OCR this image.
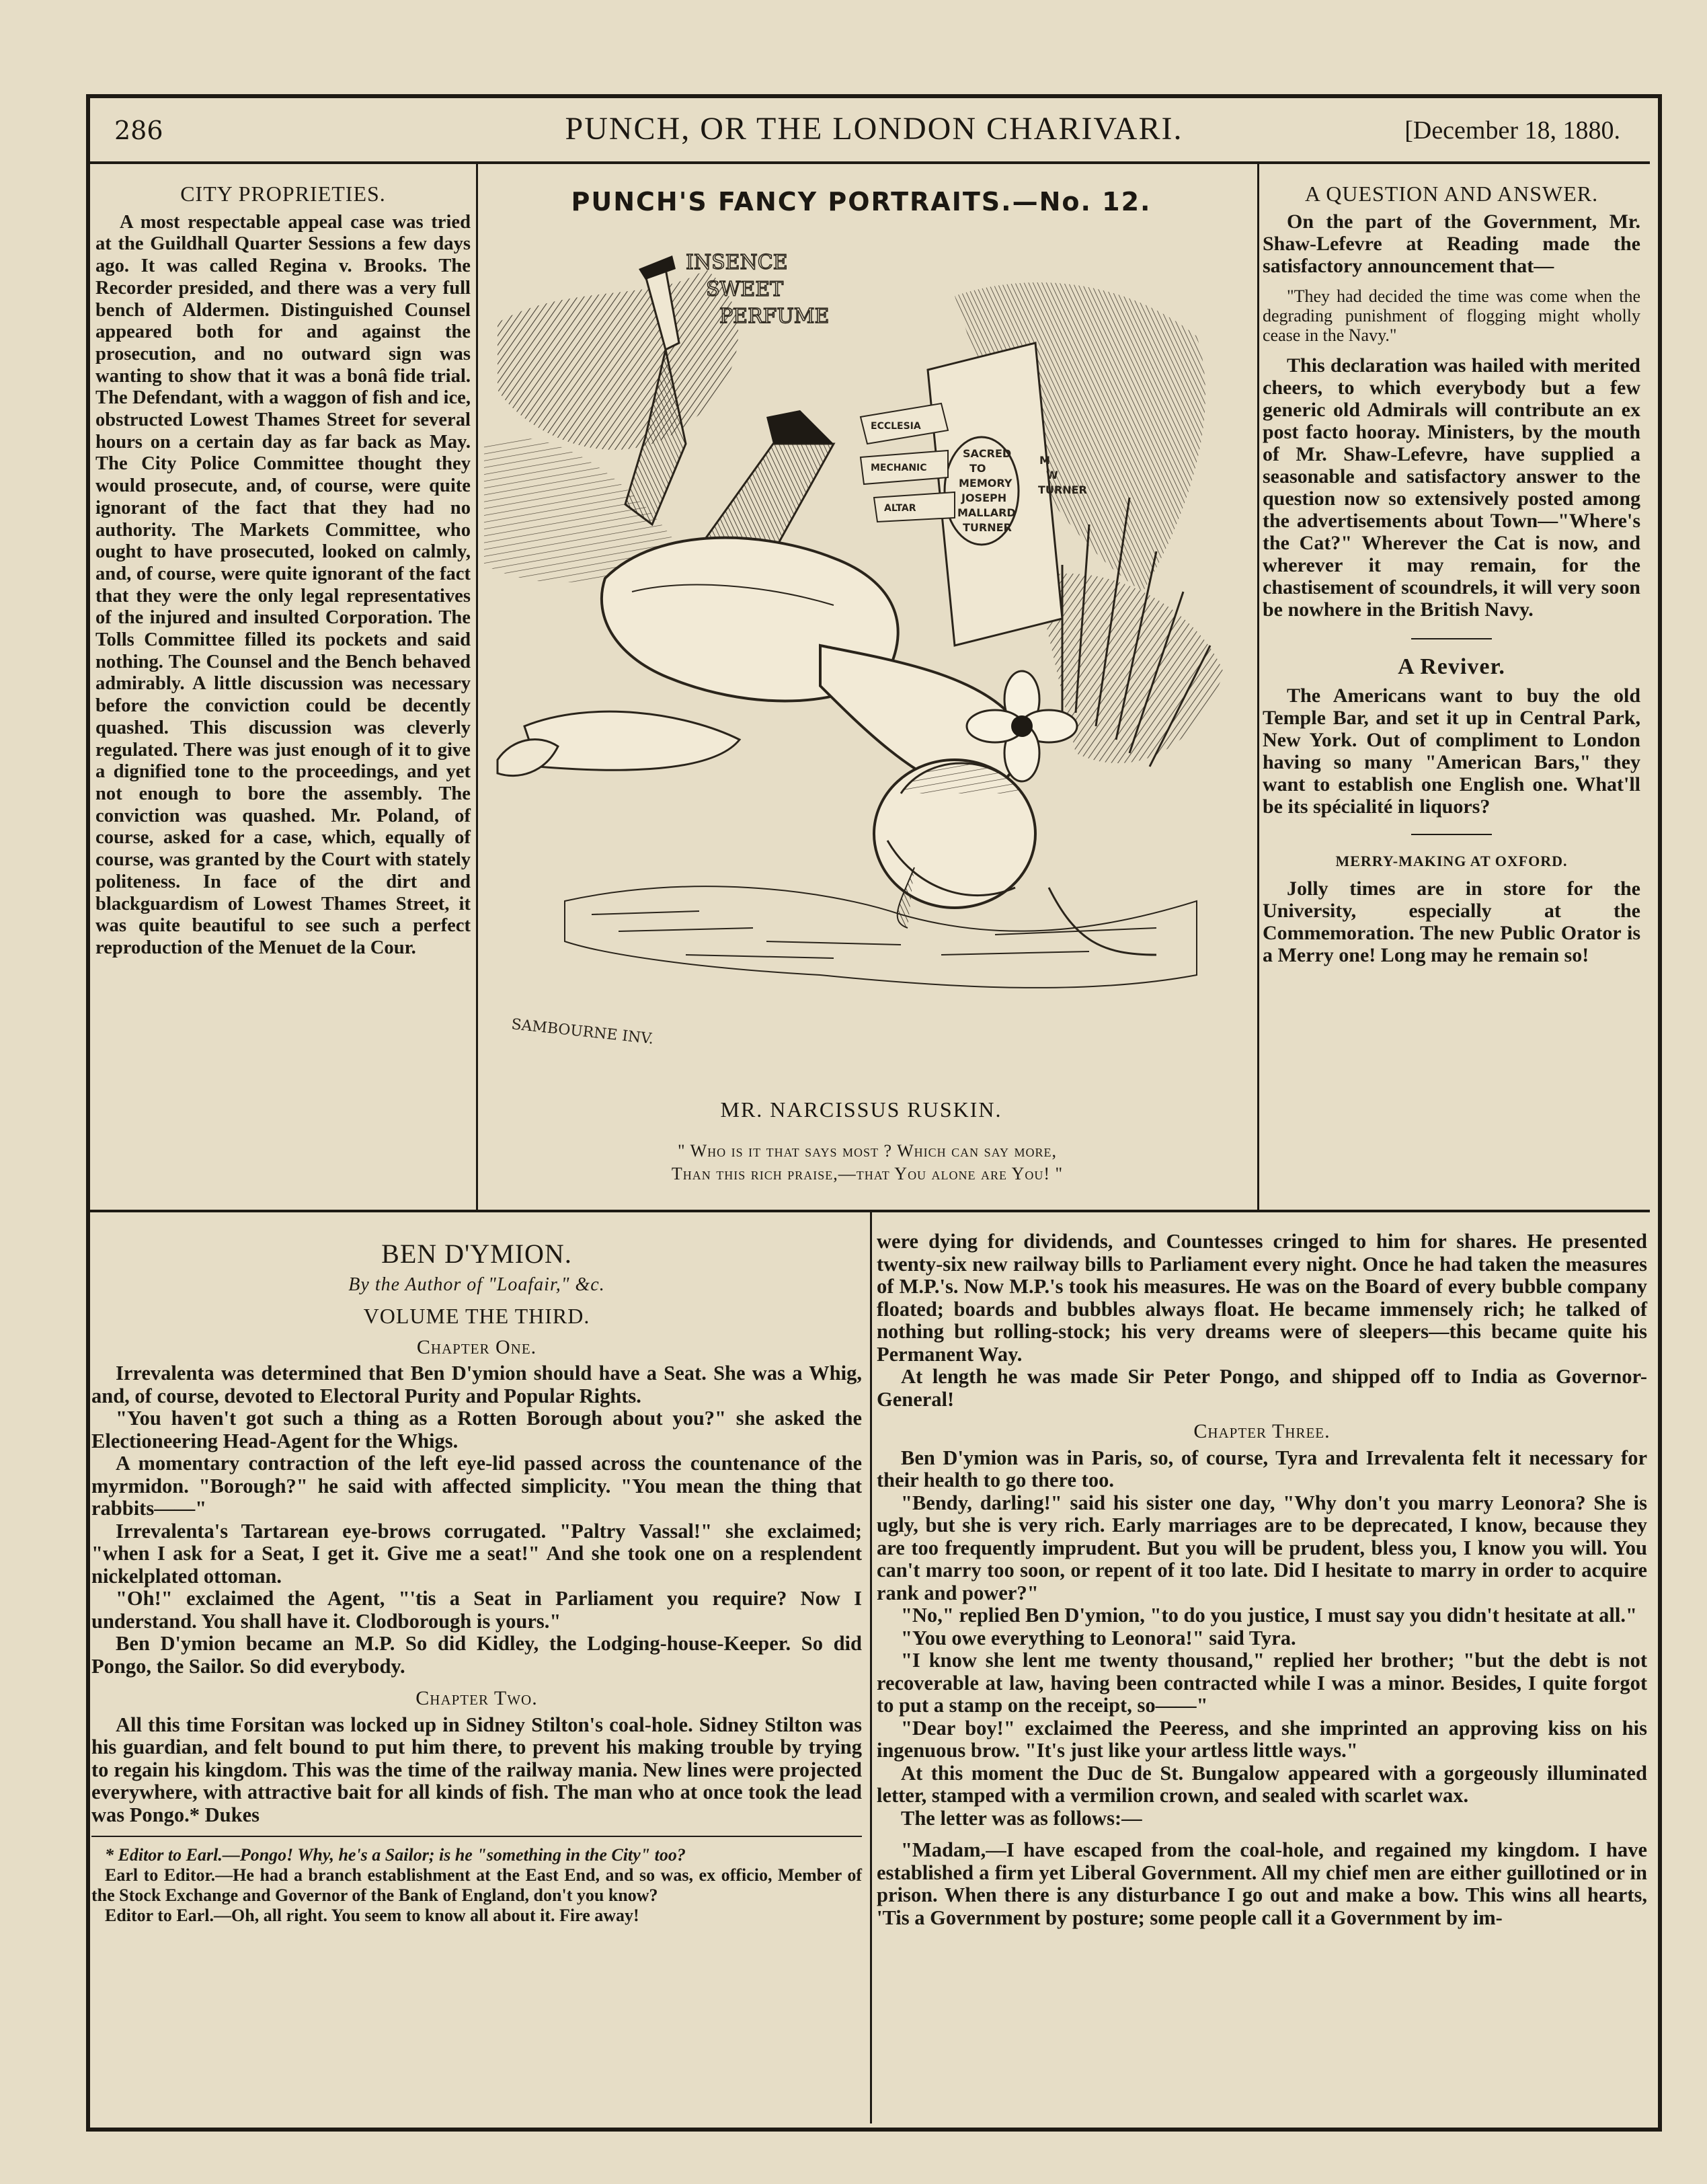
286	PUNCH, OR THE LONDON CHARIVARI.	[December 18, 1880.
CITY PROPRIETIES.

A most respectable appeal case was tried at the Guildhall Quarter Sessions a few days ago. It was called Regina v. Brooks. The Recorder presided, and there was a very full bench of Aldermen. Distinguished Counsel appeared both for and against the prosecution, and no outward sign was wanting to show that it was a bonâ fide trial. The Defendant, with a waggon of fish and ice, obstructed Lowest Thames Street for several hours on a certain day as far back as May. The City Police Committee thought they would prosecute, and, of course, were quite ignorant of the fact that they had no authority. The Markets Committee, who ought to have prosecuted, looked on calmly, and, of course, were quite ignorant of the fact that they were the only legal representatives of the injured and insulted Corporation. The Tolls Committee filled its pockets and said nothing. The Counsel and the Bench behaved admirably. A little discussion was necessary before the conviction could be decently quashed. This discussion was cleverly regulated. There was just enough of it to give a dignified tone to the proceedings, and yet not enough to bore the assembly. The conviction was quashed. Mr. Poland, of course, asked for a case, which, equally of course, was granted by the Court with stately politeness. In face of the dirt and blackguardism of Lowest Thames Street, it was quite beautiful to see such a perfect reproduction of the Menuet de la Cour.

PUNCH'S FANCY PORTRAITS.—No. 12.
SACRED
TO
MEMORY
JOSEPH
MALLARD
TURNER
M
W
TURNER
ECCLESIA
MECHANIC
ALTAR
INSENCE
SWEET
PERFUME
SAMBOURNE INV.
MR. NARCISSUS RUSKIN.
" Who is it that says most ? Which can say more,
Than this rich praise,—that You alone are You! "
A QUESTION AND ANSWER.

On the part of the Government, Mr. Shaw-Lefevre at Reading made the satisfactory announcement that—

"They had decided the time was come when the degrading punishment of flogging might wholly cease in the Navy."

This declaration was hailed with merited cheers, to which everybody but a few generic old Admirals will contribute an ex post facto hooray. Ministers, by the mouth of Mr. Shaw-Lefevre, have supplied a seasonable and satisfactory answer to the question now so extensively posted among the advertisements about Town—"Where's the Cat?" Wherever the Cat is now, and wherever it may remain, for the chastisement of scoundrels, it will very soon be nowhere in the British Navy.

A Reviver.

The Americans want to buy the old Temple Bar, and set it up in Central Park, New York. Out of compliment to London having so many "American Bars," they want to establish one English one. What'll be its spécialité in liquors?

MERRY-MAKING AT OXFORD.

Jolly times are in store for the University, especially at the Commemoration. The new Public Orator is a Merry one! Long may he remain so!

BEN D'YMION.
By the Author of "Loafair," &c.
VOLUME THE THIRD.
Chapter One.

Irrevalenta was determined that Ben D'ymion should have a Seat. She was a Whig, and, of course, devoted to Electoral Purity and Popular Rights.

"You haven't got such a thing as a Rotten Borough about you?" she asked the Electioneering Head-Agent for the Whigs.

A momentary contraction of the left eye-lid passed across the countenance of the myrmidon. "Borough?" he said with affected simplicity. "You mean the thing that rabbits——"

Irrevalenta's Tartarean eye-brows corrugated. "Paltry Vassal!" she exclaimed; "when I ask for a Seat, I get it. Give me a seat!" And she took one on a resplendent nickelplated ottoman.

"Oh!" exclaimed the Agent, "'tis a Seat in Parliament you require? Now I understand. You shall have it. Clodborough is yours."

Ben D'ymion became an M.P. So did Kidley, the Lodging-house-Keeper. So did Pongo, the Sailor. So did everybody.

Chapter Two.

All this time Forsitan was locked up in Sidney Stilton's coal-hole. Sidney Stilton was his guardian, and felt bound to put him there, to prevent his making trouble by trying to regain his kingdom. This was the time of the railway mania. New lines were projected everywhere, with attractive bait for all kinds of fish. The man who at once took the lead was Pongo.* Dukes

* Editor to Earl.—Pongo! Why, he's a Sailor; is he "something in the City" too?

Earl to Editor.—He had a branch establishment at the East End, and so was, ex officio, Member of the Stock Exchange and Governor of the Bank of England, don't you know?

Editor to Earl.—Oh, all right. You seem to know all about it. Fire away!

were dying for dividends, and Countesses cringed to him for shares. He presented twenty-six new railway bills to Parliament every night. Once he had taken the measures of M.P.'s. Now M.P.'s took his measures. He was on the Board of every bubble company floated; boards and bubbles always float. He became immensely rich; he talked of nothing but rolling-stock; his very dreams were of sleepers—this became quite his Permanent Way.

At length he was made Sir Peter Pongo, and shipped off to India as Governor-General!

Chapter Three.

Ben D'ymion was in Paris, so, of course, Tyra and Irrevalenta felt it necessary for their health to go there too.

"Bendy, darling!" said his sister one day, "Why don't you marry Leonora? She is ugly, but she is very rich. Early marriages are to be deprecated, I know, because they are too frequently imprudent. But you will be prudent, bless you, I know you will. You can't marry too soon, or repent of it too late. Did I hesitate to marry in order to acquire rank and power?"

"No," replied Ben D'ymion, "to do you justice, I must say you didn't hesitate at all."

"You owe everything to Leonora!" said Tyra.

"I know she lent me twenty thousand," replied her brother; "but the debt is not recoverable at law, having been contracted while I was a minor. Besides, I quite forgot to put a stamp on the receipt, so——"

"Dear boy!" exclaimed the Peeress, and she imprinted an approving kiss on his ingenuous brow. "It's just like your artless little ways."

At this moment the Duc de St. Bungalow appeared with a gorgeously illuminated letter, stamped with a vermilion crown, and sealed with scarlet wax.

The letter was as follows:—

"Madam,—I have escaped from the coal-hole, and regained my kingdom. I have established a firm yet Liberal Government. All my chief men are either guillotined or in prison. When there is any disturbance I go out and make a bow. This wins all hearts, 'Tis a Government by posture; some people call it a Government by im-
